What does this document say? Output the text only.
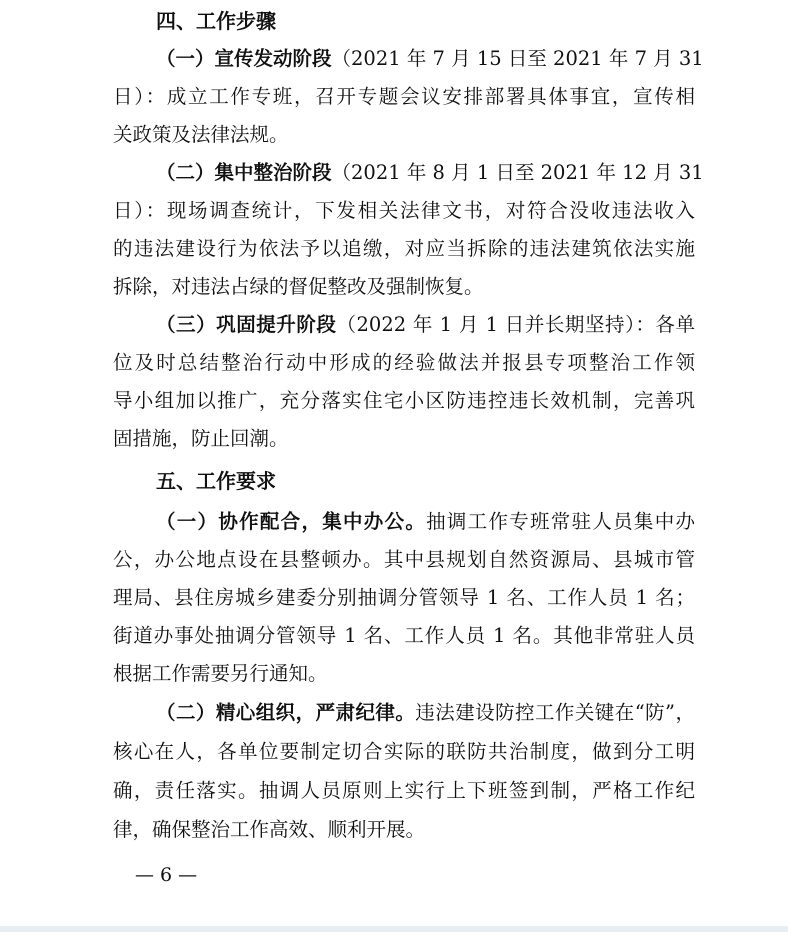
四、工作步骤
（一）宣传发动阶段（2021 年 7 月 15 日至 2021 年 7 月 31
日）：成立工作专班，召开专题会议安排部署具体事宜，宣传相
关政策及法律法规。
（二）集中整治阶段（2021 年 8 月 1 日至 2021 年 12 月 31
日）：现场调查统计，下发相关法律文书，对符合没收违法收入
的违法建设行为依法予以追缴，对应当拆除的违法建筑依法实施
拆除，对违法占绿的督促整改及强制恢复。
（三）巩固提升阶段（2022 年 1 月 1 日并长期坚持）：各单
位及时总结整治行动中形成的经验做法并报县专项整治工作领
导小组加以推广，充分落实住宅小区防违控违长效机制，完善巩
固措施，防止回潮。
五、工作要求
（一）协作配合，集中办公。抽调工作专班常驻人员集中办
公，办公地点设在县整顿办。其中县规划自然资源局、县城市管
理局、县住房城乡建委分别抽调分管领导 1 名、工作人员 1 名；
街道办事处抽调分管领导 1 名、工作人员 1 名。其他非常驻人员
根据工作需要另行通知。
（二）精心组织，严肃纪律。违法建设防控工作关键在“防”，
核心在人，各单位要制定切合实际的联防共治制度，做到分工明
确，责任落实。抽调人员原则上实行上下班签到制，严格工作纪
律，确保整治工作高效、顺利开展。
— 6 —
